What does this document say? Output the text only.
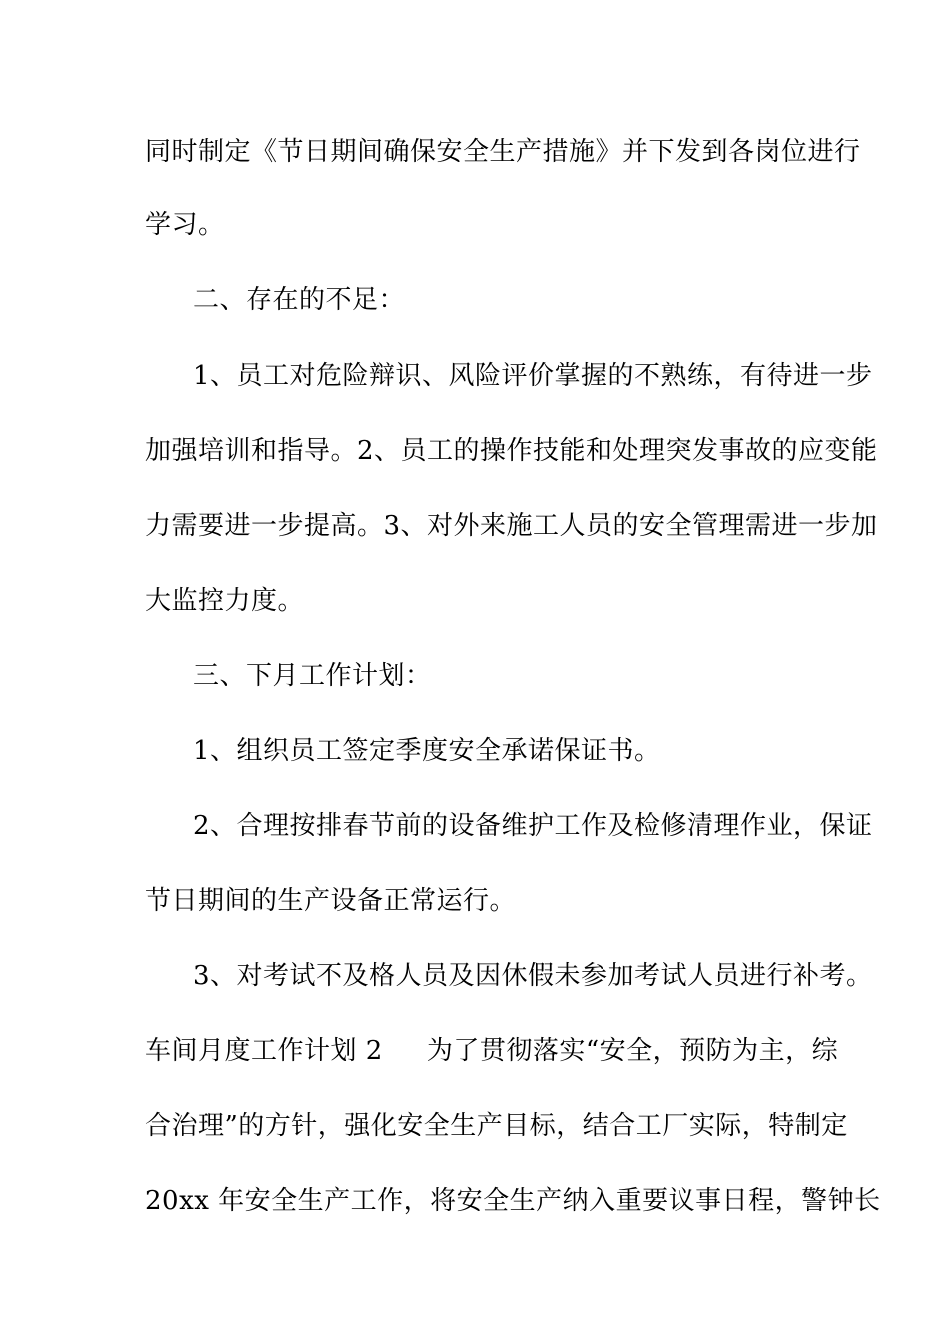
同时制定《节日期间确保安全生产措施》并下发到各岗位进行
学习。
二、存在的不足：
1、员工对危险辩识、风险评价掌握的不熟练，有待进一步
加强培训和指导。2、员工的操作技能和处理突发事故的应变能
力需要进一步提高。3、对外来施工人员的安全管理需进一步加
大监控力度。
三、下月工作计划：
1、组织员工签定季度安全承诺保证书。
2、合理按排春节前的设备维护工作及检修清理作业，保证
节日期间的生产设备正常运行。
3、对考试不及格人员及因休假未参加考试人员进行补考。
车间月度工作计划 2 为了贯彻落实“安全，预防为主，综
合治理”的方针，强化安全生产目标，结合工厂实际，特制定
20xx 年安全生产工作，将安全生产纳入重要议事日程，警钟长
